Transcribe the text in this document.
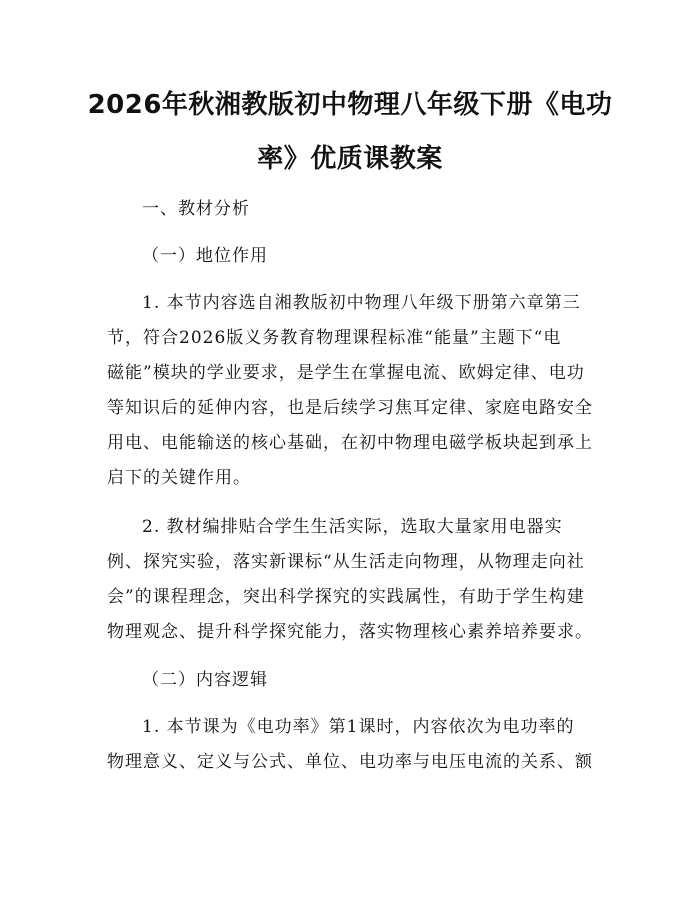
2026年秋湘教版初中物理八年级下册《电功
率》优质课教案
一、教材分析
（一）地位作用
1. 本节内容选自湘教版初中物理八年级下册第六章第三
节，符合2026版义务教育物理课程标准“能量”主题下“电
磁能”模块的学业要求，是学生在掌握电流、欧姆定律、电功
等知识后的延伸内容，也是后续学习焦耳定律、家庭电路安全
用电、电能输送的核心基础，在初中物理电磁学板块起到承上
启下的关键作用。
2. 教材编排贴合学生生活实际，选取大量家用电器实
例、探究实验，落实新课标“从生活走向物理，从物理走向社
会”的课程理念，突出科学探究的实践属性，有助于学生构建
物理观念、提升科学探究能力，落实物理核心素养培养要求。
（二）内容逻辑
1. 本节课为《电功率》第1课时，内容依次为电功率的
物理意义、定义与公式、单位、电功率与电压电流的关系、额
